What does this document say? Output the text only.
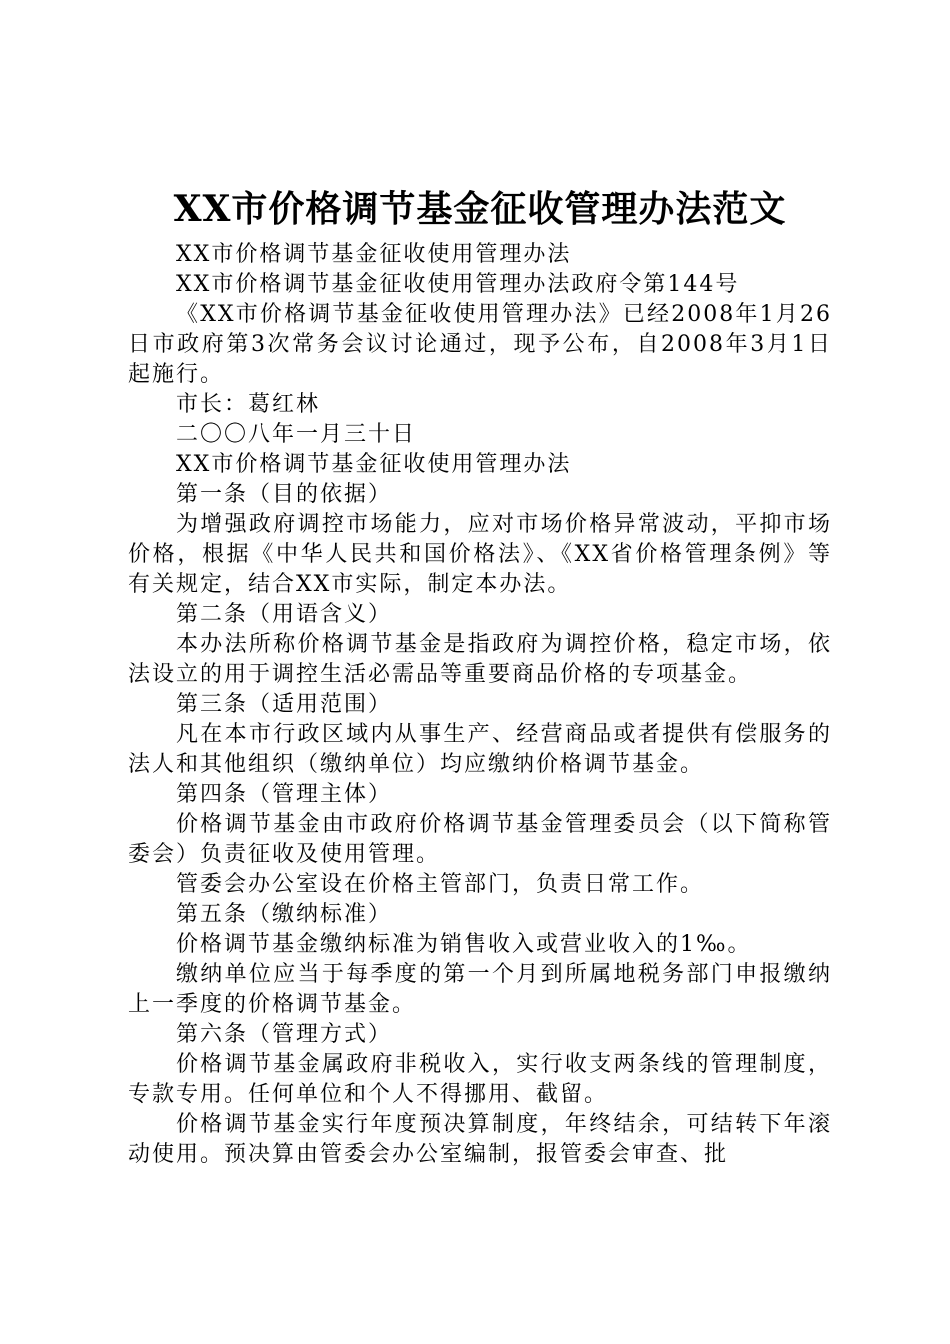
XX市价格调节基金征收管理办法范文

XX市价格调节基金征收使用管理办法

XX市价格调节基金征收使用管理办法政府令第144号

《XX市价格调节基金征收使用管理办法》已经2008年1月26日市政府第3次常务会议讨论通过，现予公布，自2008年3月1日起施行。

市长：葛红林

二〇〇八年一月三十日

XX市价格调节基金征收使用管理办法

第一条（目的依据）

为增强政府调控市场能力，应对市场价格异常波动，平抑市场价格，根据《中华人民共和国价格法》、《XX省价格管理条例》等有关规定，结合XX市实际，制定本办法。

第二条（用语含义）

本办法所称价格调节基金是指政府为调控价格，稳定市场，依法设立的用于调控生活必需品等重要商品价格的专项基金。

第三条（适用范围）

凡在本市行政区域内从事生产、经营商品或者提供有偿服务的法人和其他组织（缴纳单位）均应缴纳价格调节基金。

第四条（管理主体）

价格调节基金由市政府价格调节基金管理委员会（以下简称管委会）负责征收及使用管理。

管委会办公室设在价格主管部门，负责日常工作。

第五条（缴纳标准）

价格调节基金缴纳标准为销售收入或营业收入的1‰。

缴纳单位应当于每季度的第一个月到所属地税务部门申报缴纳上一季度的价格调节基金。

第六条（管理方式）

价格调节基金属政府非税收入，实行收支两条线的管理制度，专款专用。任何单位和个人不得挪用、截留。

价格调节基金实行年度预决算制度，年终结余，可结转下年滚动使用。预决算由管委会办公室编制，报管委会审查、批
